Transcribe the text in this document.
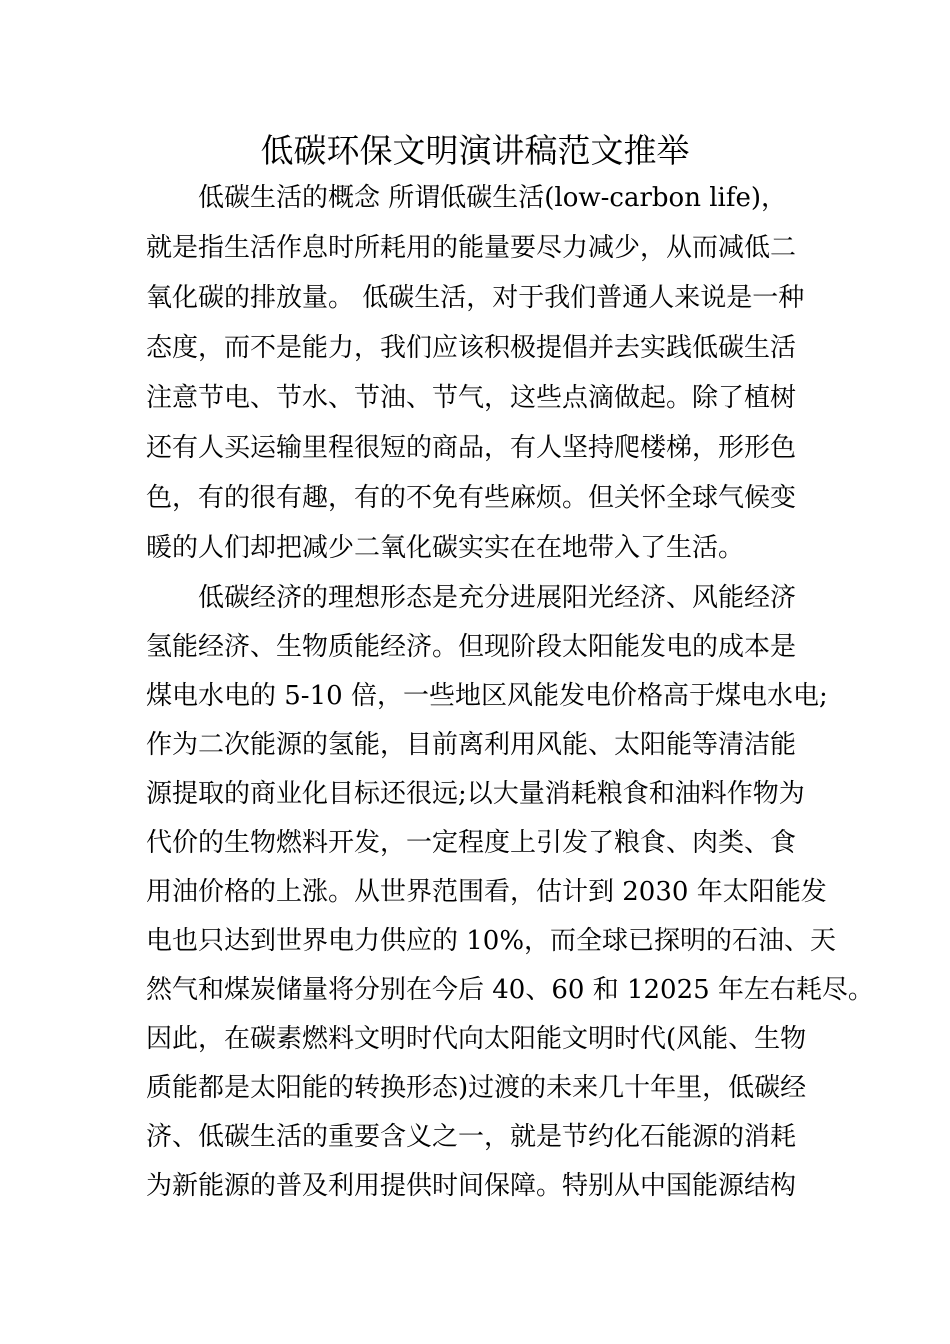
低碳环保文明演讲稿范文推举
低碳生活的概念 所谓低碳生活(low-carbon life)，
就是指生活作息时所耗用的能量要尽力减少，从而减低二
氧化碳的排放量。 低碳生活，对于我们普通人来说是一种
态度，而不是能力，我们应该积极提倡并去实践低碳生活
注意节电、节水、节油、节气，这些点滴做起。除了植树
还有人买运输里程很短的商品，有人坚持爬楼梯，形形色
色，有的很有趣，有的不免有些麻烦。但关怀全球气候变
暖的人们却把减少二氧化碳实实在在地带入了生活。
低碳经济的理想形态是充分进展阳光经济、风能经济
氢能经济、生物质能经济。但现阶段太阳能发电的成本是
煤电水电的 5-10 倍，一些地区风能发电价格高于煤电水电;
作为二次能源的氢能，目前离利用风能、太阳能等清洁能
源提取的商业化目标还很远;以大量消耗粮食和油料作物为
代价的生物燃料开发，一定程度上引发了粮食、肉类、食
用油价格的上涨。从世界范围看，估计到 2030 年太阳能发
电也只达到世界电力供应的 10%，而全球已探明的石油、天
然气和煤炭储量将分别在今后 40、60 和 12025 年左右耗尽。
因此，在碳素燃料文明时代向太阳能文明时代(风能、生物
质能都是太阳能的转换形态)过渡的未来几十年里，低碳经
济、低碳生活的重要含义之一，就是节约化石能源的消耗
为新能源的普及利用提供时间保障。特别从中国能源结构
